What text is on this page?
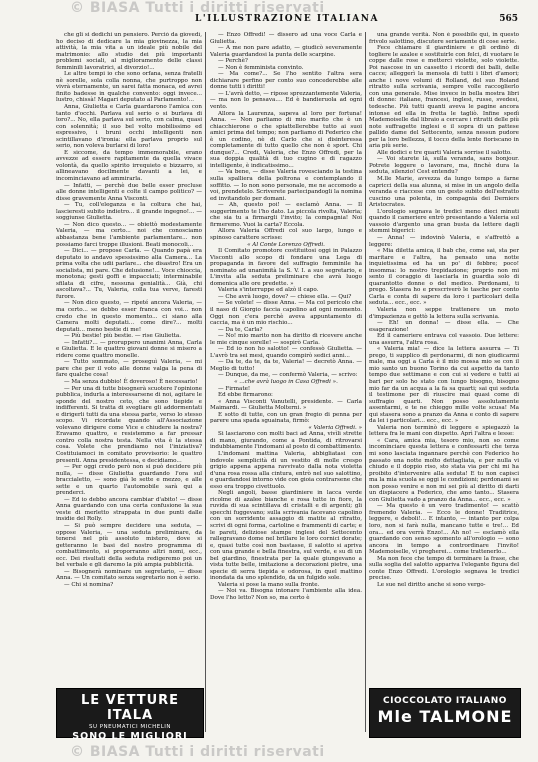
© BIASA Tutti i diritti riservati
L'ILLUSTRAZIONE ITALIANA	565

che gli si dedichi un pensiero. Perciò da giovedì, ho deciso di dedicare la mia giovinezza, la mia attività, la mia vita a un ideale più nobile del matrimonio: allo studio dei più importanti problemi sociali, al miglioramento delle classi femminili lavoratrici, al divorzio!...

Le altre tempi io che sono orfana, senza fratelli nè sorelle, sola colla nonna, che purtroppo non vivrà eternamente, un sarei fatta monaca, ed avrei finito badesse in qualche convento: oggi invece... lustro, chissà! Magari deputato al Parlamento!...

Anna, Giulietta e Carla guardarono l'amica con tanto d'occhi. Parlava sul serio o si burlava di loro?... No, ella parlava sul serio, con calma, quasi con solennità; il suo bel volto mobilissimo ed espressivo, i bruni occhi intelligenti non scintillavano d'ironia: ella parlava proprio sul serio, non voleva burlarsi di loro!

E siccome, da tempo immemorabile, erano avvezze ad essere rapitamente da quella vivace volontà, da quello spirito irrequieto e bizzarro, si allineavano docilmente davanti a lei, e incominciavano ad ammirarla.

— Infatti, — perchè due belle esser precluse alle donne intelligenti e colte il campo politico? — disse gravemente Anna Visconti.

— Tu, coll'eleganza e la coltura che hai, lascieresti subito indietro... il grande ingegno!... — soggiunse Giulietta.

— Non dico questo... — obiettò modestamente Valeria, — ma certo... noi che conosciamo abbastanza bene l'ambiente parlamentare... non possiamo farci troppe illusioni. Beati monocoli...

— Dici... — propose Carla. — Quando papà era deputato io andavo spessissimo alla Camera... La prima volta che udii parlare... che disastro! Era un socialista, mi pare. Che delusione!... Voce chioccia, monotona; gesti goffi e impacciati; interminabile sfilata di cifre, nessuna genialità... Già, chi ascoltava?... Tu, Valeria, colla tua verve, faresti furore.

— Non dico questo, — ripeté ancora Valeria, — ma certo... se debbo esser franca con voi... non credo che in questo momento... ci siano alla Camera molti deputati... come dire?... molti deputati... meno bestie di me!

— Più bestie! più bestie. — rise Giulietta.

— Infatti?... — proruppero unanimi Anna, Carla e Giulietta. E le quattro giovani donne si misero a ridere come quattro monelle.

— Tutto sommato, — proseguì Valeria, — mi pare che per il voto alle donne valga la pena di fare qualche cosa!

— Ma senza dubbio! È doveroso! È necessario!

— Per una di tutte bisognerà scuotere l'opinione pubblica, indurla a interessarsene di noi, agitare le sponde del nostro ceto, che sono tiepide e indifferenti. Si tratta di svegliare gli addormentati e dirigerli tutti da una stessa parte, verso lo stesso scopo. Vi ricordate quando all'Associazione volevano dirigere come Vice e chiudere la nostra? Eravamo quattro, e resistemmo a far pressar contro colla nostra testa. Nella vita è la stessa cosa. Volete che prendiamo noi l'iniziativa? Costituiamoci in comitato provvisorio: le quattro presenti. Anna presidentessa, e decidiamo...

— Per oggi credo però non si può decidere più nulla, — disse Giulietta guardando l'ora sul braccialetto, — sono già le sette e mezzo, e alle sette e un quarto l'automobile sarà qui a prenderci.

— Ed io debbo ancora cambiar d'abito! — disse Anna guardando con una certa confusione la sua veste di merletto strappata in due punti dalle insidie del Rolly.

— Si può sempre decidere una seduta, — oppose Valeria, — una seduta preliminare, da tenersi nel più assoluto mistero, dove si getteranno le basi del nostro programma di combattimento, si proporranno altri nomi, ecc., ecc. Dei risultati della seduta redigeremo poi un bel verbale e gli daremo la più ampia pubblicità.

— Bisognerà nominare un segretario, — disse Anna. — Un comitato senza segretario non è serio.

— Chi si nomina?

— Enzo Offredi! — dissero ad una voce Carla e Giulietta.

— A me non pare adatto, — giudicò severamente Valeria guardandosi la punta delle scarpine.

— Perchè?

— Non è femminista convinto.

— Ma come?... Se l'ho sentito l'altra sera dichiarare perfino per conto suo concederebbe alle donne tutti i diritti!

— L'avrà detto, — ripose sprezzantemente Valeria, — ma non lo pensava.... Ed è bandieruola ad ogni vento.

Allora la Laurenza, sapeva al loro per fortuna! Anna. — Non parliamo di mio marito che è un chiacchierone o che spiattellerebbe tutto ai suoi amici prima del tempo; non parliamo di Federico che è un codino, nè di Carlo che si disinteressa completamente di tutto quello che non è sport. Chi dunque?... Credi, Valeria, che Enzo Offredi, per la sua doppia qualità di tuo cugino e di ragazzo intelligente, è indicatissimo...

— Va bene, — disse Valeria rovesciando la testina sulla spalliera della poltrona e contemplando il soffitto. — Io non sono personale, me ne accomodo a voi, prendetelo. Scriverete partecipandogli la nomina ed invitandolo per domani.

— Ah, questo poi! — esclamò Anna. — Il suggerimento te l'ho dato. La piccola rivolta, Valeria; che sia tu a firmargli l'invito; la compagnia! Noi firmeremo. Vuoi la carta? Eccola.

Allora Valeria Offredi col suo largo, lungo e spinoso carattere scrisse:

« Al Conte Lorenzo Offredi.

Il Comitato promotore costituitosi oggi in Palazzo Visconti allo scopo di fondare una Lega di propaganda in favore del suffragio femminile ha nominato ad unanimità la S. V. I. a suo segretario, e L'invita alla seduta preliminare che avrà luogo domenica alle ore predette. »

Valeria s'interruppe ed alzò il capo.

— Che avrà luogo, dove? — chiese ella. — Qui?

— Se volete! — disse Anna. — Ma col pericolo che il naso di Giorgio faccia capolino ad ogni momento. Oggi non c'era perchè aveva appuntamento di caccia, ma è un mio rischio...

— Da te, Carla?

— No! mio marito non ha diritto di ricevere anche le mie cinque sorelle! — sospirò Carla.

— Ed io non ho salotto! — confessò Giulietta. — L'avrò tra sei mesi, quando compirò sedici anni...

— Da te, da te, da te, Valeria! — decretò Anna. — Meglio di tutto!

— Dunque, da me, — confermò Valeria, — scrivo:

« ...che avrà luogo in Casa Offredi ».

— Firmate!

Ed ebbe firmarono:

« Anna Visconti Vanutelli, presidente. — Carla Maimardi. — Giulietta Molterni. »

E sotto di tutte, con un gran fregio di penna per parere una spada sguainata, firmò:

« Valeria Offredi. »

Si lasciarono con molti baci ad Anna, vivìli strette di mano, giurando, come a Pontida, di ritrovarsi indubbiamente l'indomani al posto di combattimento.

L'indomani mattina Valeria, abbigliatasi con indovole semplicità di un vestito di molle crespo grigio appena appena ravvivato dalla nota violetta d'una rosa rossa alla cintura, entrò nel suo salottino, e guardandosi intorno vide con gioia contrarsene che esso era troppo civettuolo.

Negli angoli, basse giardiniere in lacca verde ricolme di azalee bianche e rosa tutte in fiore, la ruvida di sua scintillava di cristalli e di argenti; gli specchi fuggevano; sulla scrivania facevano capolino con un sorridente assaggio di matite al ritratto, scrivi di ogni forma, cartoline e frammenti di carte; e le pareti, deliziose stampe inglesi del Settecento rallegravano dome nel brillare le loro cornici dorate; e, quasi tutte così non bastasse, il salotto si apriva con una grande e bella finestra, sul verde, e su di un bel giardino, finestrata per la quale giungevano a vista tutte belle, imitazione a decorazioni pietre, una specie di serra tiepida e odorosa, in quel mattino inondata da uno splendido, da un fulgido sole.

Valeria si pose la mano sulla fronte.

— Noi va. Bisogna intonare l'ambiente alla idea. Dove l'ho letto? Non so, ma certo è

una grande verità. Non è possibile qui, in questo frivolo salottino, discutere seriamente di cose serie.

Fece chiamare il giardiniere e gli ordinò di togliere le azalee e sostituirle con felci, di vuotare le coppe dalle rose e metterci violette, solo violette. Poi nascose in un cassetto i ricordi dei balli, delle cacce; alleggerì la mensola di tutti i libri d'amori; anche i nove volumi di Rolland, del suo Roland ritratto sulla scrivania, sempre volle raccoglierlo con una generale. Mise invece in bella mostra libri di donne: italiane, francesi, inglesi, russe, svedesi, tedesche. Più tutti quanti aveva le pagine ancora intonse ed ella in fretta le tagliò. Infine spedì Mademoiselle dal libraio a cercare i ritratti delle più note suffragette inglesi e il sopra di un pattese pallido dame del Settecento, senza nessun pudore per la loro bellezza, il tocco della lente fioriscano in aria più serie.

Alle dodici e tre quarti Valeria sorrise il salotto.

— Voi starete là, sulla veranda, sans bonjour. Potrete leggere o lavorare, ma, finchè dura la seduta, silenzio! Cest entendu?

M.lle Marie, avvezza da lungo tempo a farne capricci della sua alunna, si mise in un angolo della veranda e riaccese con un gesto subito dell'estratto cuscino una polenta, in compagnia dei Derniers Aristocrates.

L'orologio segnava le tredici meno dieci minuti quando il cameriere entrò presentando a Valeria sul vassoio d'argento una gran busta da lettere dagli stemmi bigerici:

— Anna! — indovinò Valeria, e s'affrettò a leggere:

« Mia diletta amica, il bab che, come sai, sta per maritare e l'altra, ha pensato una notte inquietissima ed ha un po' di febbre; poco! insomma: lo nostro trepidazione; proprio non mi sento il coraggio di lasciarla in guardia solo di quarantotto donne o del medico. Perdonami, ti prego. Stasera ho e prescriverò le tasche per conto Carla e conta di sapere da loro i particolari della seduta... ecc., ecc. »

Valeria non seppe trattenere un moto d'impazienza e gettò la lettera sulla scrivania.

— Eh! un donna! — disse ella. — Che esagerazione!

Ed il cameriere entrava col vassoio. Due lettere: una assurra, l'altra rosa.

« Valeria mia! — dice la lettera assurra — Ti prego, ti supplico di perdonarmi, di non giudicarmi male, ma oggi a Carla è il mio mossa mio se con il mio santo un buono Torino da cui aspetto da tanto tempo due settimane e con cui si vedere e tutti ai bari per solo ho stato con lungo bisogno, bisogno mio far da un acqua a la fa sa quarti; sai qui seduta il testimone per di riuscire mai quasi come di suffragio quarti. Non posso assolutamente assentarmi, e te ne chieggo mille volte scusa! Ma qui stasera sono a pranzo da Anna e conto di sapere da lei i particolari... ecc., ecc. »

Valeria non terminò di leggere e spiegazzò la lettera fra le mani con dispetto. Aprì l'altra e lesse:

« Cara, amica mia, tesoro mio, non so come incominciare questa lettera e confessarti che terza mi sono lasciata ingannare perchè con Federico ho passato una notte molto dettagliata, e per nulla vi chiudo e il doppio riso, sto stata via per chi mi ha proibito d'intervenire alla seduta! E tu non capisci ma la mia scuola se oggi le condizioni; perdonami se non posso venire e non mi sei più al diritto di darti un dispiacere a Federico, che amo tanto... Stasera con Giulietta vado a pranzo da Anna... ecc., ecc. »

— Ma questo è un vero tradimento! — scattò fremendo Valeria. — Ecco le donne! Traditrice, leggere, e deboli!... E intanto, — intanto per colpa loro, non si farà nulla, mancano tutte e tre!... Ed ora... ed ora verrà Enzo!... Ah no! — esclamò ella guardando con senso sgomento all'orologio — sono ancora in tempo a contrordinare l'invito! Mademoiselle, vi pregherei... come trattenerlo...

Ma non fece che tempo di terminare la frase, che sulla soglia del salotto appariva l'elegante figura del conte Enzo Offredi. L'orologio segnava le tredici precise.

Le sue nel diritto anche si sono vergo-

LE VETTURE ITALA
SU PNEUMATICI MICHELIN
SONO LE MIGLIORI
CIOCCOLATO ITALIANO
Mle TALMONE
© BIASA Tutti i diritti riservati
